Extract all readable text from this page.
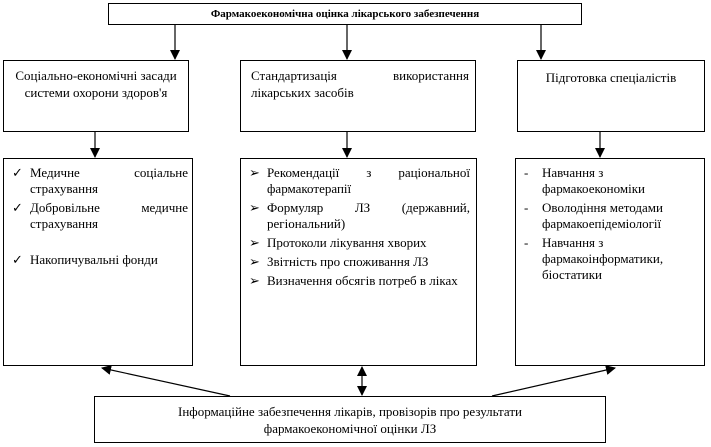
Фармакоекономічна оцінка лікарського забезпечення
Соціально-економічні засади системи охорони здоров'я
Стандартизація використання лікарських засобів
Підготовка спеціалістів
✓ Медичне соціальне страхування
✓ Добровільне медичне страхування
✓ Накопичувальні фонди
➢ Рекомендації з раціональної фармакотерапії
➢ Формуляр ЛЗ (державний, регіональний)
➢ Протоколи лікування хворих
➢ Звітність про споживання ЛЗ
➢ Визначення обсягів потреб в ліках
-	Навчання з фармакоекономіки
-	Оволодіння методами фармакоепідеміології
-	Навчання з фармакоінформатики, біостатики
Інформаційне забезпечення лікарів, провізорів про результати
фармакоекономічної оцінки ЛЗ
